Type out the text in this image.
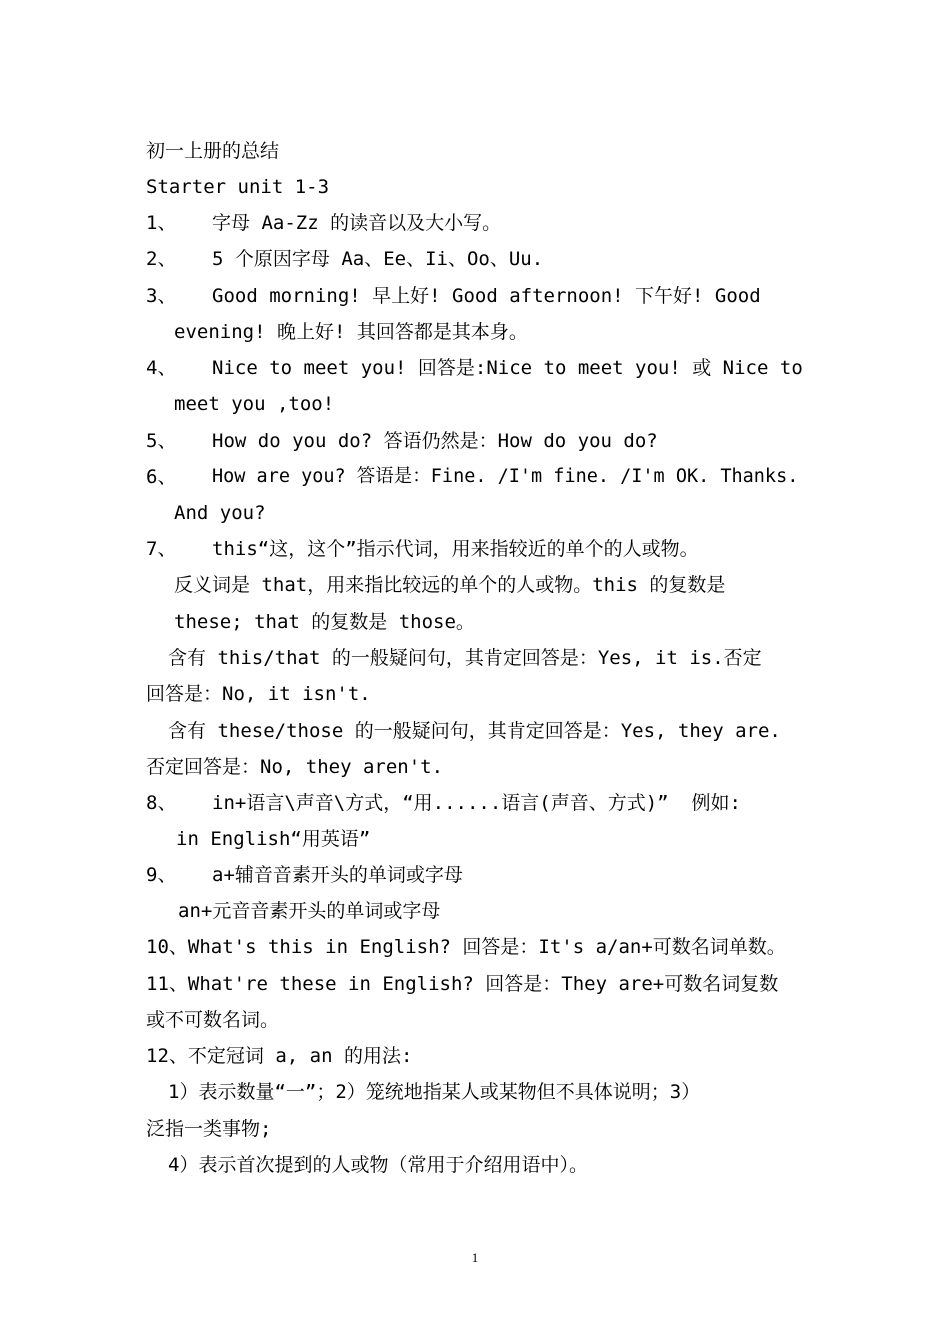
初一上册的总结
Starter unit 1-3
1、 字母 Aa-Zz 的读音以及大小写。
2、 5 个原因字母 Aa、Ee、Ii、Oo、Uu.
3、 Good morning! 早上好! Good afternoon! 下午好! Good
evening! 晚上好! 其回答都是其本身。
4、 Nice to meet you! 回答是:Nice to meet you! 或 Nice to
meet you ,too!
5、 How do you do? 答语仍然是：How do you do?
6、 How are you? 答语是：Fine. /I'm fine. /I'm OK. Thanks.
And you?
7、 this“这，这个”指示代词，用来指较近的单个的人或物。
反义词是 that，用来指比较远的单个的人或物。this 的复数是
these; that 的复数是 those。
含有 this/that 的一般疑问句，其肯定回答是：Yes, it is.否定
回答是：No, it isn't.
含有 these/those 的一般疑问句，其肯定回答是：Yes, they are.
否定回答是：No, they aren't.
8、 in+语言\声音\方式，“用......语言(声音、方式)”  例如:
in English“用英语”
9、 a+辅音音素开头的单词或字母
an+元音音素开头的单词或字母
10、What's this in English? 回答是：It's a/an+可数名词单数。
11、What're these in English? 回答是：They are+可数名词复数
或不可数名词。
12、不定冠词 a, an 的用法:
1）表示数量“一”；2）笼统地指某人或某物但不具体说明；3）
泛指一类事物;
4）表示首次提到的人或物（常用于介绍用语中）。
1
